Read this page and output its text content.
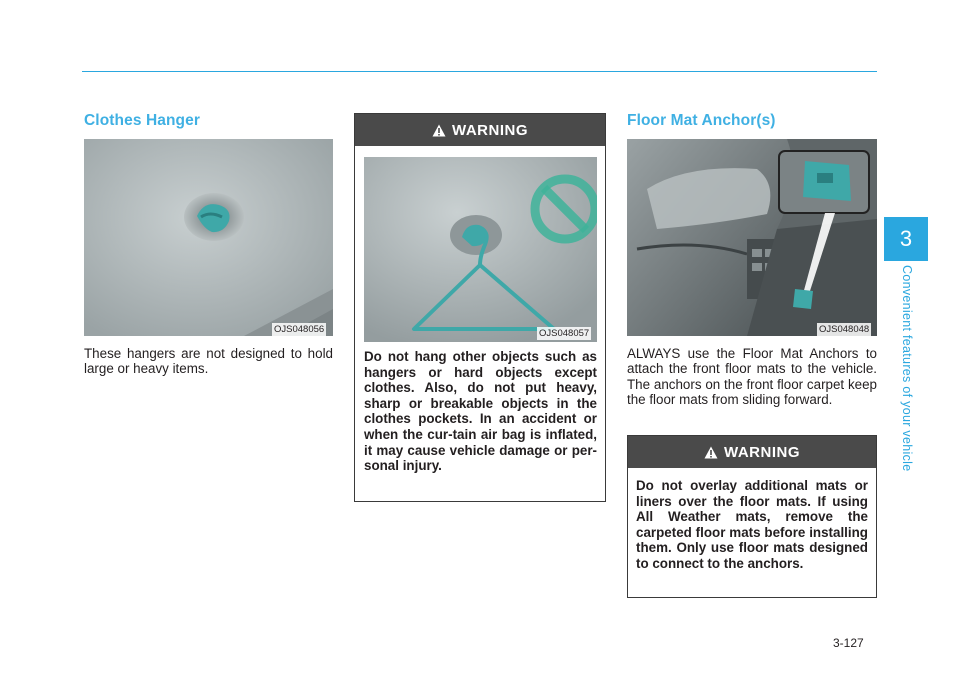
Clothes Hanger
OJS048056
These hangers are not designed to hold large or heavy items.
WARNING
OJS048057
Do not hang other objects such as hangers or hard objects except clothes. Also, do not put heavy, sharp or breakable objects in the clothes pockets. In an accident or when the cur-tain air bag is inflated, it may cause vehicle damage or per-sonal injury.
Floor Mat Anchor(s)
OJS048048
ALWAYS use the Floor Mat Anchors to attach the front floor mats to the vehicle. The anchors on the front floor carpet keep the floor mats from sliding forward.
WARNING
Do not overlay additional mats or liners over the floor mats. If using All Weather mats, remove the carpeted floor mats before installing them. Only use floor mats designed to connect to the anchors.
3
Convenient features of your vehicle
3-127
